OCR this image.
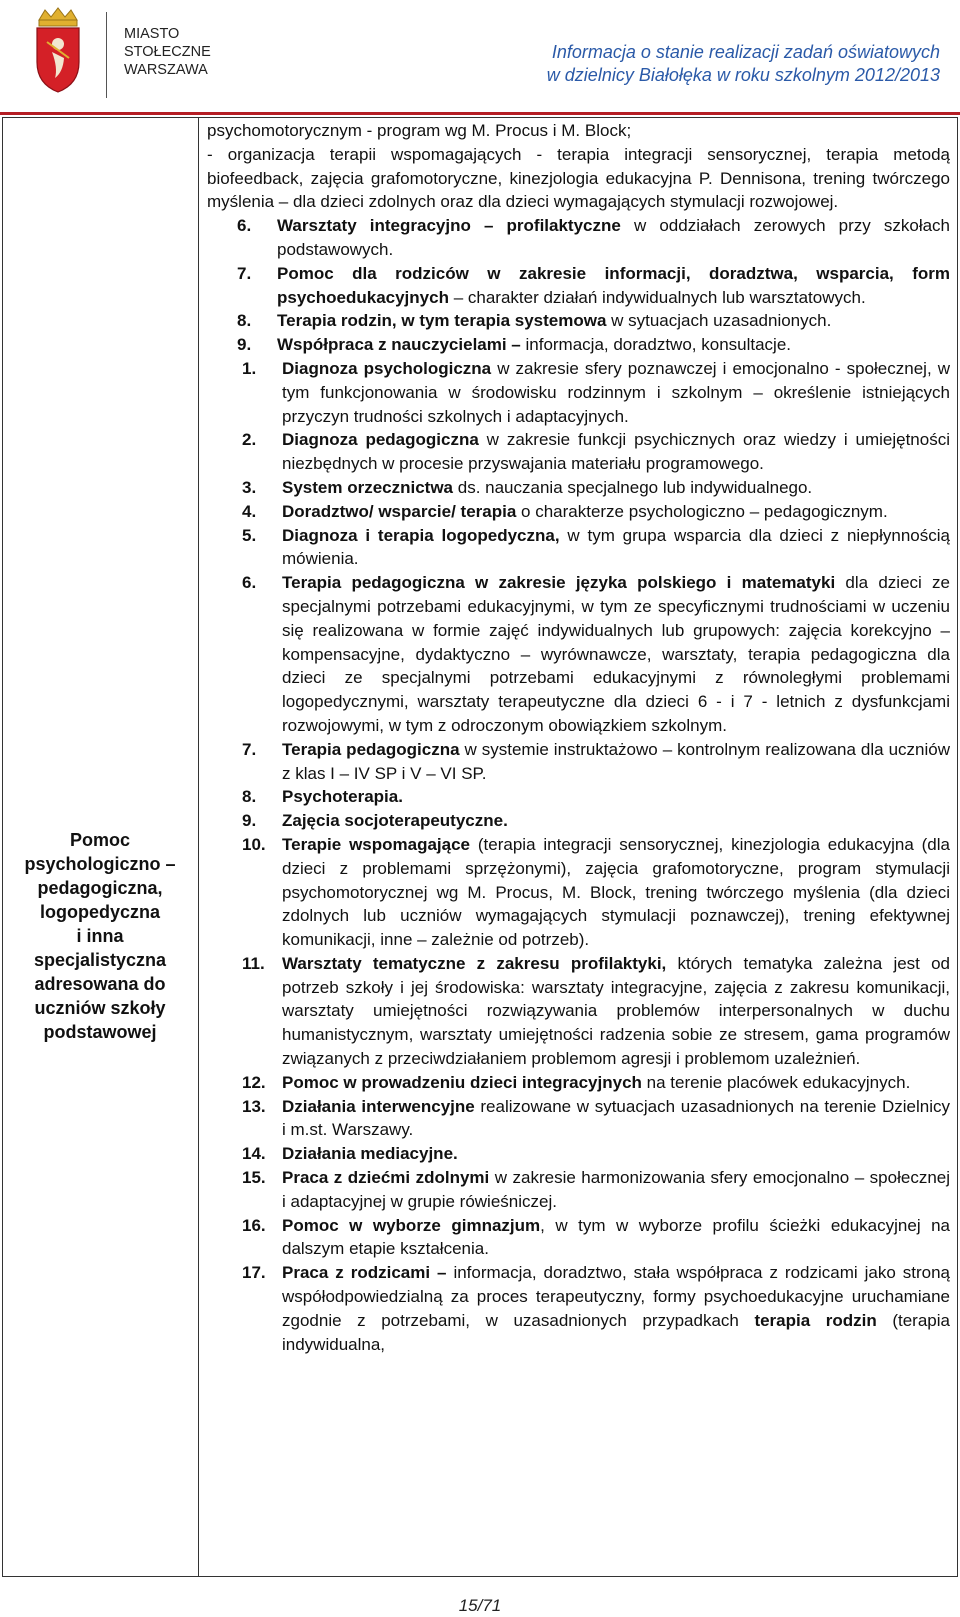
MIASTO
STOŁECZNE
WARSZAWA
Informacja o stanie realizacji zadań oświatowych
w dzielnicy Białołęka w roku szkolnym 2012/2013
Pomoc
psychologiczno –
pedagogiczna,
logopedyczna
i inna
specjalistyczna
adresowana do
uczniów szkoły
podstawowej

psychomotorycznym - program wg M. Procus i M. Block;

- organizacja terapii wspomagających - terapia integracji sensorycznej, terapia metodą biofeedback, zajęcia grafomotoryczne, kinezjologia edukacyjna P. Dennisona, trening twórczego myślenia – dla dzieci zdolnych oraz dla dzieci wymagających stymulacji rozwojowej.

6. Warsztaty integracyjno – profilaktyczne w oddziałach zerowych przy szkołach podstawowych.
7. Pomoc dla rodziców w zakresie informacji, doradztwa, wsparcia, form psychoedukacyjnych – charakter działań indywidualnych lub warsztatowych.
8. Terapia rodzin, w tym terapia systemowa w sytuacjach uzasadnionych.
9. Współpraca z nauczycielami – informacja, doradztwo, konsultacje.
1. Diagnoza psychologiczna w zakresie sfery poznawczej i emocjonalno - społecznej, w tym funkcjonowania w środowisku rodzinnym i szkolnym – określenie istniejących przyczyn trudności szkolnych i adaptacyjnych.
2. Diagnoza pedagogiczna w zakresie funkcji psychicznych oraz wiedzy i umiejętności niezbędnych w procesie przyswajania materiału programowego.
3. System orzecznictwa ds. nauczania specjalnego lub indywidualnego.
4. Doradztwo/ wsparcie/ terapia o charakterze psychologiczno – pedagogicznym.
5. Diagnoza i terapia logopedyczna, w tym grupa wsparcia dla dzieci z niepłynnością mówienia.
6. Terapia pedagogiczna w zakresie języka polskiego i matematyki dla dzieci ze specjalnymi potrzebami edukacyjnymi, w tym ze specyficznymi trudnościami w uczeniu się realizowana w formie zajęć indywidualnych lub grupowych: zajęcia korekcyjno – kompensacyjne, dydaktyczno – wyrównawcze, warsztaty, terapia pedagogiczna dla dzieci ze specjalnymi potrzebami edukacyjnymi z równoległymi problemami logopedycznymi, warsztaty terapeutyczne dla dzieci 6 - i 7 - letnich z dysfunkcjami rozwojowymi, w tym z odroczonym obowiązkiem szkolnym.
7. Terapia pedagogiczna w systemie instruktażowo – kontrolnym realizowana dla uczniów z klas I – IV SP i V – VI SP.
8. Psychoterapia.
9. Zajęcia socjoterapeutyczne.
10. Terapie wspomagające (terapia integracji sensorycznej, kinezjologia edukacyjna (dla dzieci z problemami sprzężonymi), zajęcia grafomotoryczne, program stymulacji psychomotorycznej wg M. Procus, M. Block, trening twórczego myślenia (dla dzieci zdolnych lub uczniów wymagających stymulacji poznawczej), trening efektywnej komunikacji, inne – zależnie od potrzeb).
11. Warsztaty tematyczne z zakresu profilaktyki, których tematyka zależna jest od potrzeb szkoły i jej środowiska: warsztaty integracyjne, zajęcia z zakresu komunikacji, warsztaty umiejętności rozwiązywania problemów interpersonalnych w duchu humanistycznym, warsztaty umiejętności radzenia sobie ze stresem, gama programów związanych z przeciwdziałaniem problemom agresji i problemom uzależnień.
12. Pomoc w prowadzeniu dzieci integracyjnych na terenie placówek edukacyjnych.
13. Działania interwencyjne realizowane w sytuacjach uzasadnionych na terenie Dzielnicy i m.st. Warszawy.
14. Działania mediacyjne.
15. Praca z dziećmi zdolnymi w zakresie harmonizowania sfery emocjonalno – społecznej i adaptacyjnej w grupie rówieśniczej.
16. Pomoc w wyborze gimnazjum, w tym w wyborze profilu ścieżki edukacyjnej na dalszym etapie kształcenia.
17. Praca z rodzicami – informacja, doradztwo, stała współpraca z rodzicami jako stroną współodpowiedzialną za proces terapeutyczny, formy psychoedukacyjne uruchamiane zgodnie z potrzebami, w uzasadnionych przypadkach terapia rodzin (terapia indywidualna,
15/71
